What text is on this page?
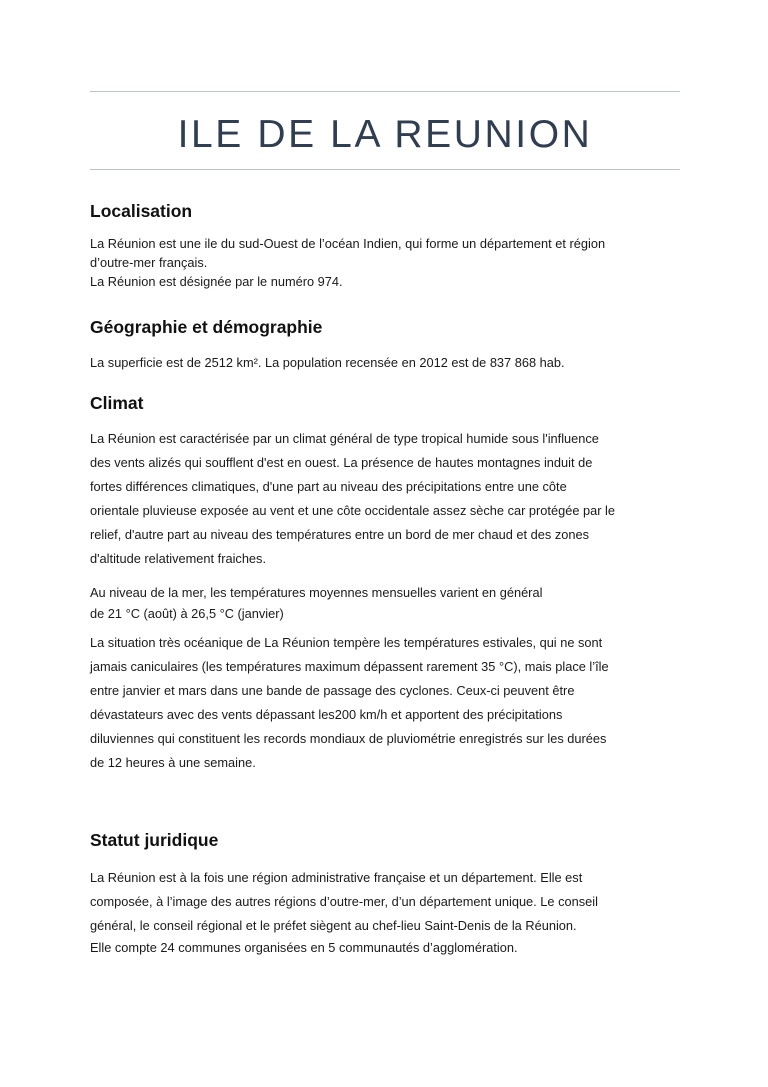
ILE DE LA REUNION
Localisation

La Réunion est une ile du sud-Ouest de l’océan Indien, qui forme un département et région
d’outre-mer français.
La Réunion est désignée par le numéro 974.

Géographie et démographie

La superficie est de 2512 km². La population recensée en 2012 est de 837 868 hab.

Climat

La Réunion est caractérisée par un climat général de type tropical humide sous l'influence
des vents alizés qui soufflent d'est en ouest. La présence de hautes montagnes induit de
fortes différences climatiques, d'une part au niveau des précipitations entre une côte
orientale pluvieuse exposée au vent et une côte occidentale assez sèche car protégée par le
relief, d'autre part au niveau des températures entre un bord de mer chaud et des zones
d'altitude relativement fraiches.

Au niveau de la mer, les températures moyennes mensuelles varient en général
de 21 °C (août) à 26,5 °C (janvier)

La situation très océanique de La Réunion tempère les températures estivales, qui ne sont
jamais caniculaires (les températures maximum dépassent rarement 35 °C), mais place l’île
entre janvier et mars dans une bande de passage des cyclones. Ceux-ci peuvent être
dévastateurs avec des vents dépassant les200 km/h et apportent des précipitations
diluviennes qui constituent les records mondiaux de pluviométrie enregistrés sur les durées
de 12 heures à une semaine.

Statut juridique

La Réunion est à la fois une région administrative française et un département. Elle est
composée, à l’image des autres régions d’outre-mer, d’un département unique. Le conseil
général, le conseil régional et le préfet siègent au chef-lieu Saint-Denis de la Réunion.
Elle compte 24 communes organisées en 5 communautés d’agglomération.
